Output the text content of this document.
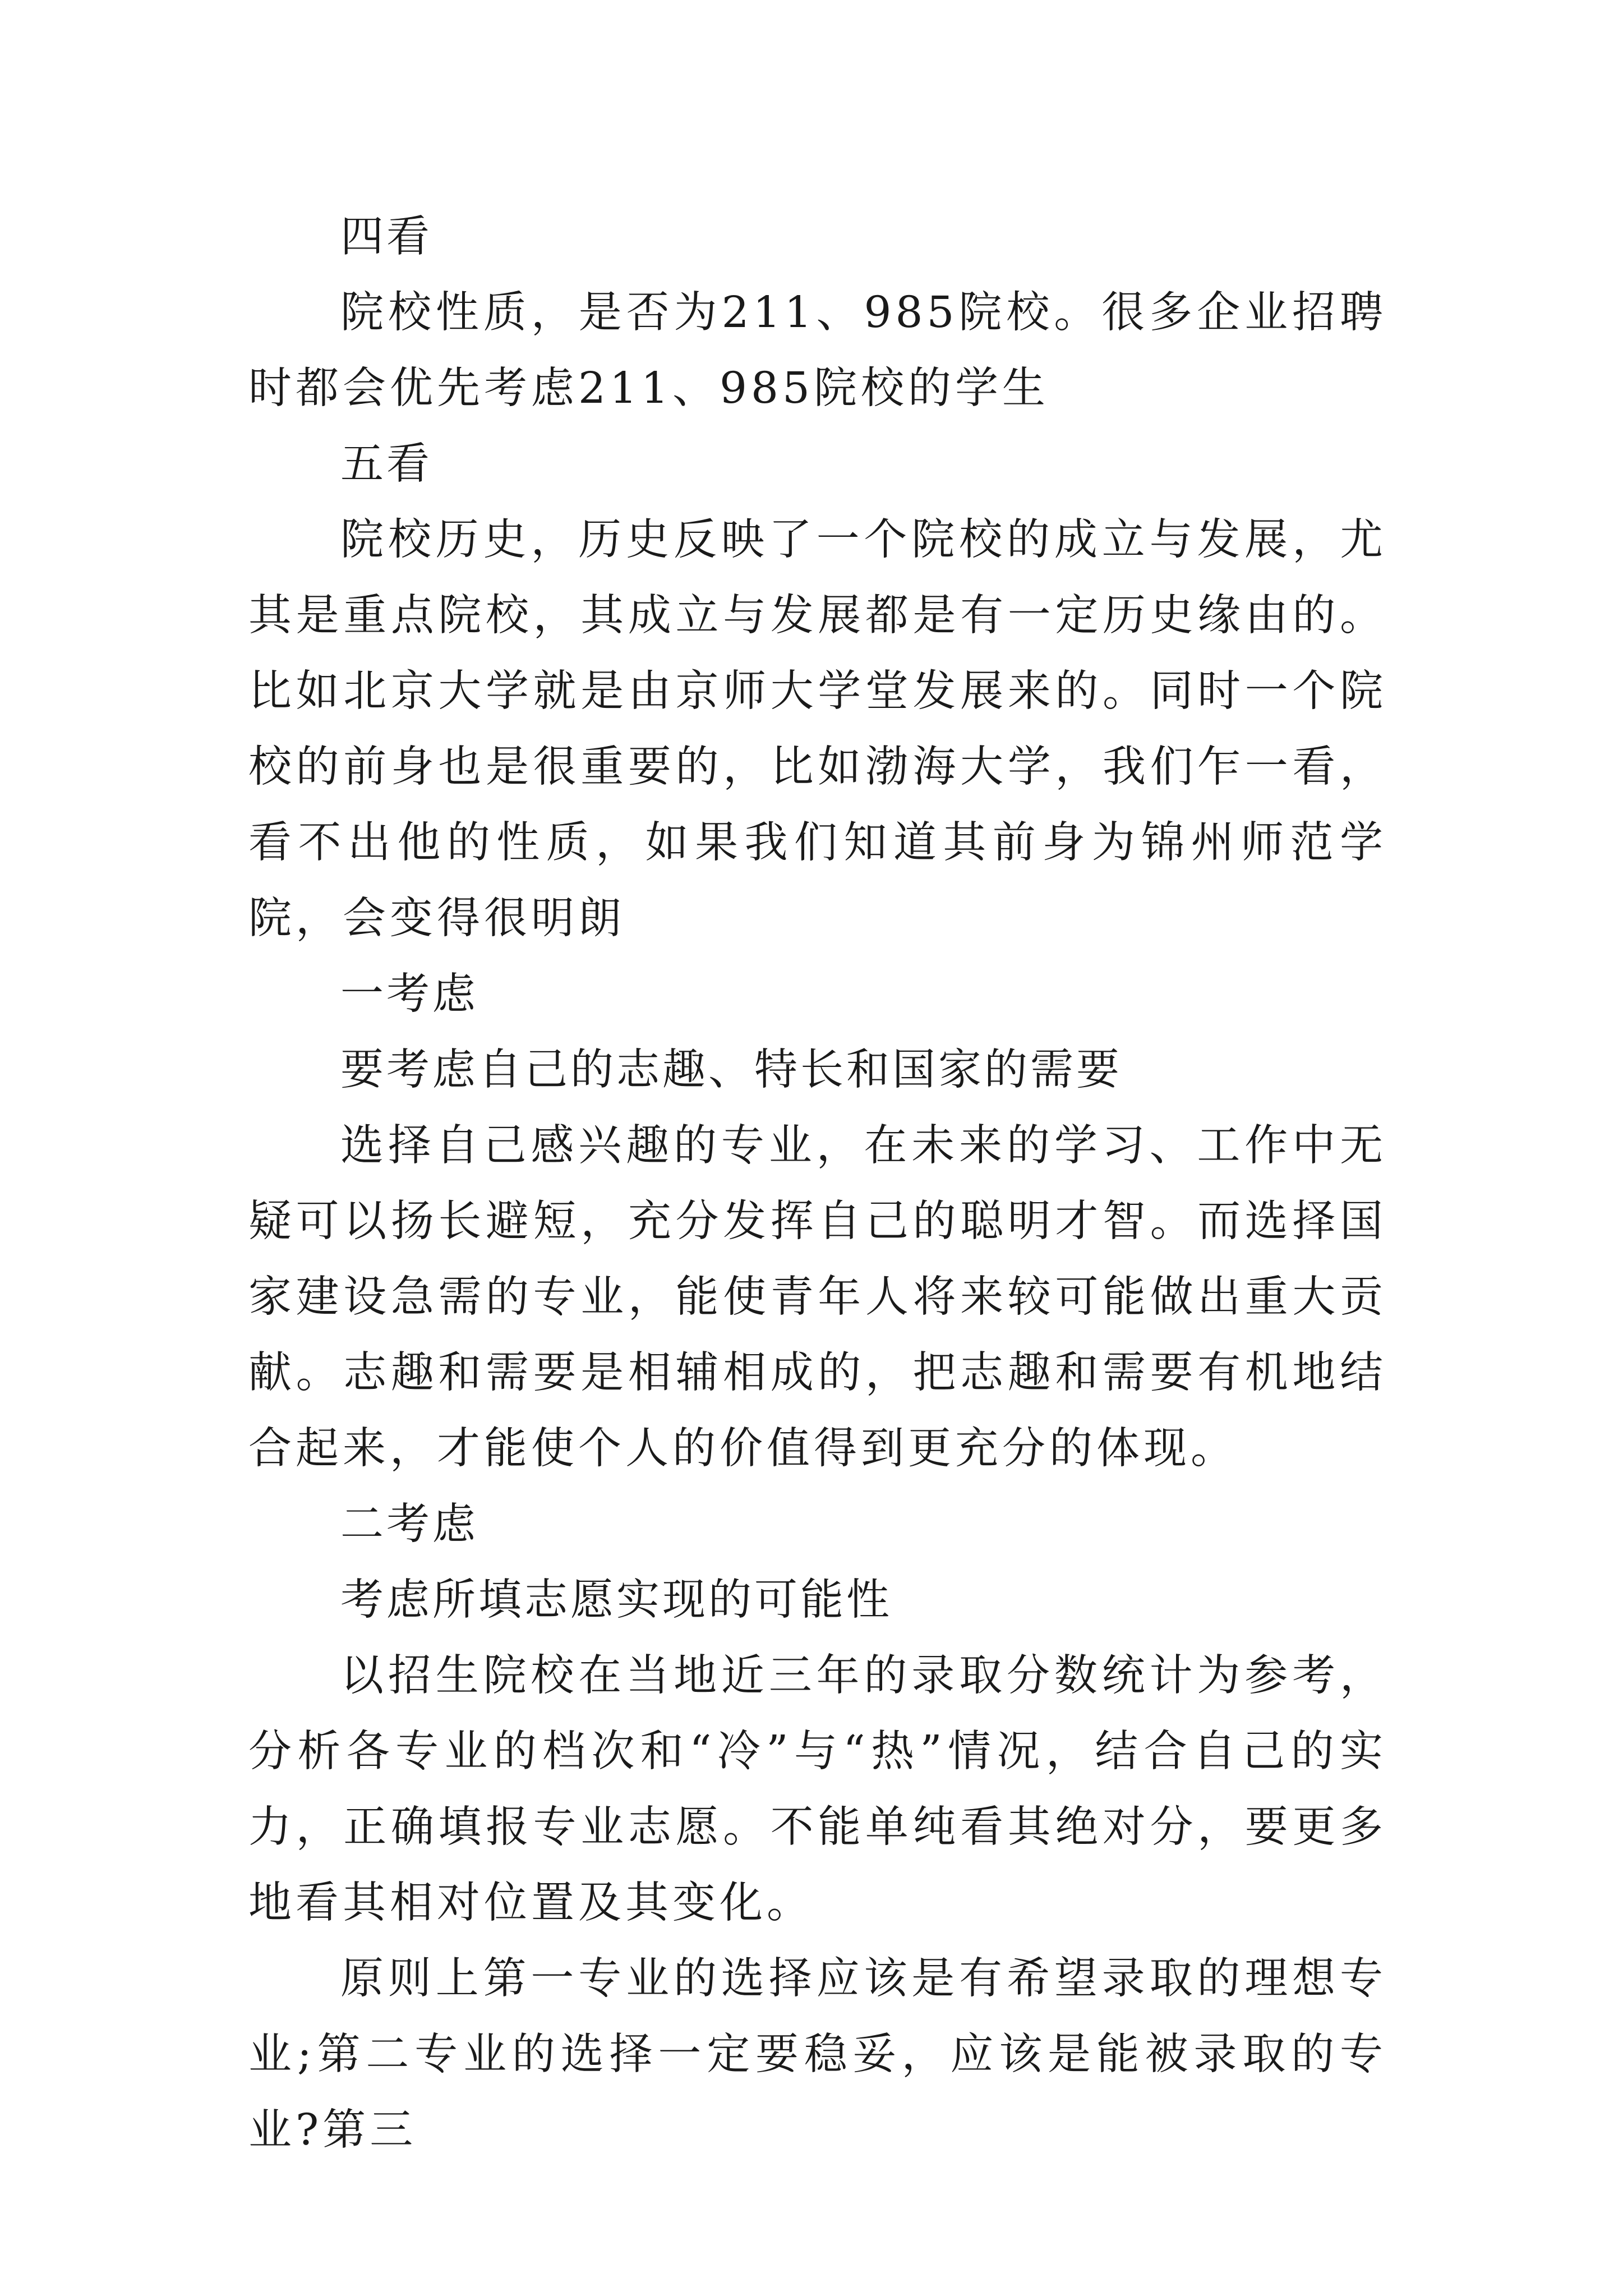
四看

院校性质，是否为211、985院校。很多企业招聘时都会优先考虑211、985院校的学生

五看

院校历史，历史反映了一个院校的成立与发展，尤其是重点院校，其成立与发展都是有一定历史缘由的。比如北京大学就是由京师大学堂发展来的。同时一个院校的前身也是很重要的，比如渤海大学，我们乍一看，看不出他的性质，如果我们知道其前身为锦州师范学院，会变得很明朗

一考虑

要考虑自己的志趣、特长和国家的需要

选择自己感兴趣的专业，在未来的学习、工作中无疑可以扬长避短，充分发挥自己的聪明才智。而选择国家建设急需的专业，能使青年人将来较可能做出重大贡献。志趣和需要是相辅相成的，把志趣和需要有机地结合起来，才能使个人的价值得到更充分的体现。

二考虑

考虑所填志愿实现的可能性

以招生院校在当地近三年的录取分数统计为参考，分析各专业的档次和“冷”与“热”情况，结合自己的实力，正确填报专业志愿。不能单纯看其绝对分，要更多地看其相对位置及其变化。

原则上第一专业的选择应该是有希望录取的理想专业;第二专业的选择一定要稳妥，应该是能被录取的专业?第三
